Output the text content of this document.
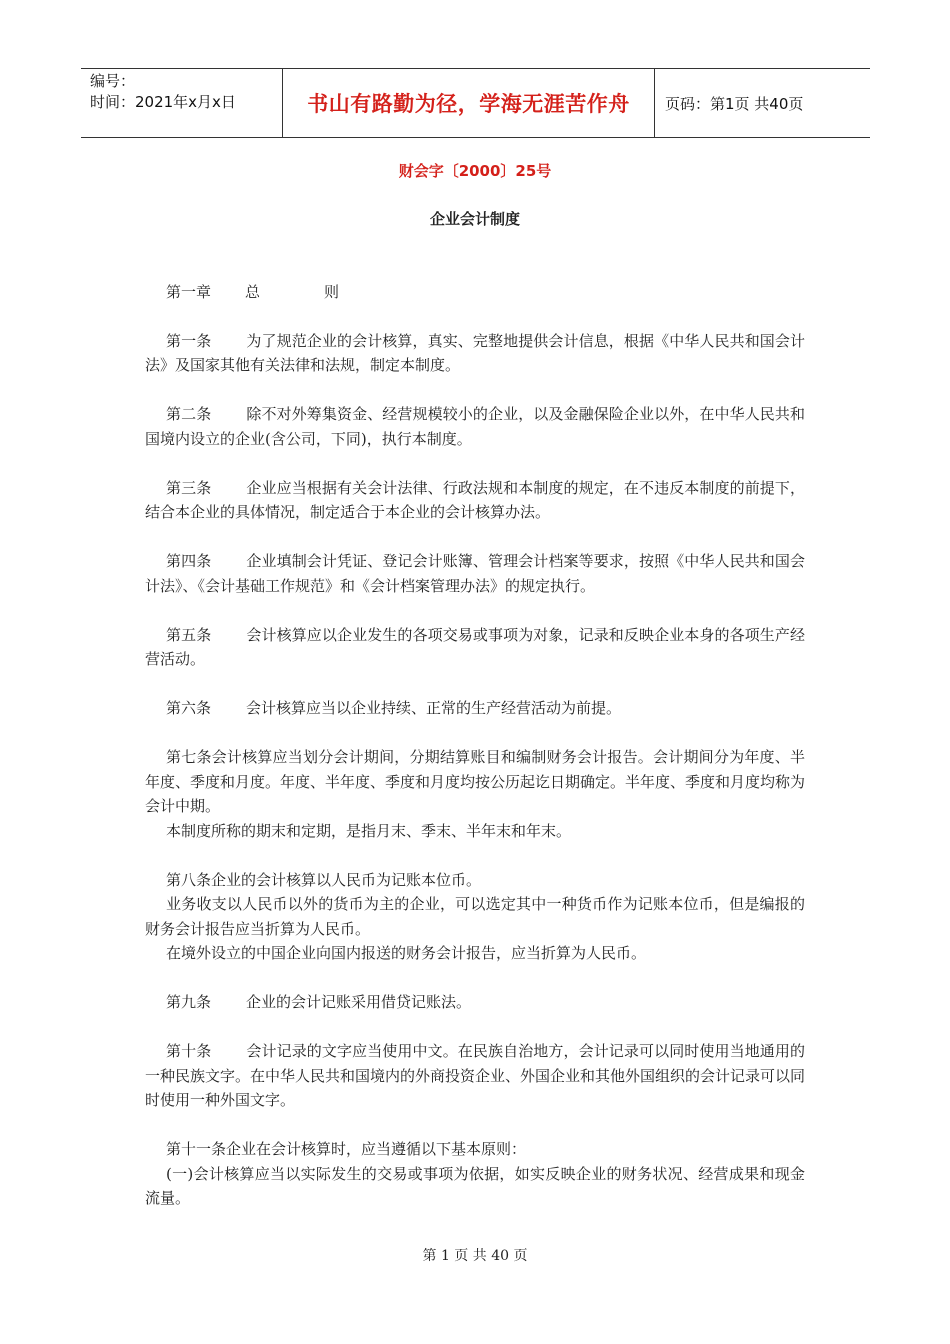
编号：
时间：2021年x月x日	书山有路勤为径，学海无涯苦作舟 页码：第1页 共40页
财会字〔2000〕25号
企业会计制度
第一章 总	则

第一条 为了规范企业的会计核算，真实、完整地提供会计信息，根据《中华人民共和国会计法》及国家其他有关法律和法规，制定本制度。

第二条 除不对外筹集资金、经营规模较小的企业，以及金融保险企业以外，在中华人民共和国境内设立的企业(含公司，下同)，执行本制度。

第三条 企业应当根据有关会计法律、行政法规和本制度的规定，在不违反本制度的前提下，结合本企业的具体情况，制定适合于本企业的会计核算办法。

第四条 企业填制会计凭证、登记会计账簿、管理会计档案等要求，按照《中华人民共和国会计法》、《会计基础工作规范》和《会计档案管理办法》的规定执行。

第五条 会计核算应以企业发生的各项交易或事项为对象，记录和反映企业本身的各项生产经营活动。

第六条 会计核算应当以企业持续、正常的生产经营活动为前提。

第七条会计核算应当划分会计期间，分期结算账目和编制财务会计报告。会计期间分为年度、半年度、季度和月度。年度、半年度、季度和月度均按公历起讫日期确定。半年度、季度和月度均称为会计中期。

本制度所称的期末和定期，是指月末、季末、半年末和年末。

第八条企业的会计核算以人民币为记账本位币。

业务收支以人民币以外的货币为主的企业，可以选定其中一种货币作为记账本位币，但是编报的财务会计报告应当折算为人民币。

在境外设立的中国企业向国内报送的财务会计报告，应当折算为人民币。

第九条 企业的会计记账采用借贷记账法。

第十条 会计记录的文字应当使用中文。在民族自治地方，会计记录可以同时使用当地通用的一种民族文字。在中华人民共和国境内的外商投资企业、外国企业和其他外国组织的会计记录可以同时使用一种外国文字。

第十一条企业在会计核算时，应当遵循以下基本原则：

(一)会计核算应当以实际发生的交易或事项为依据，如实反映企业的财务状况、经营成果和现金流量。

第 1 页 共 40 页
